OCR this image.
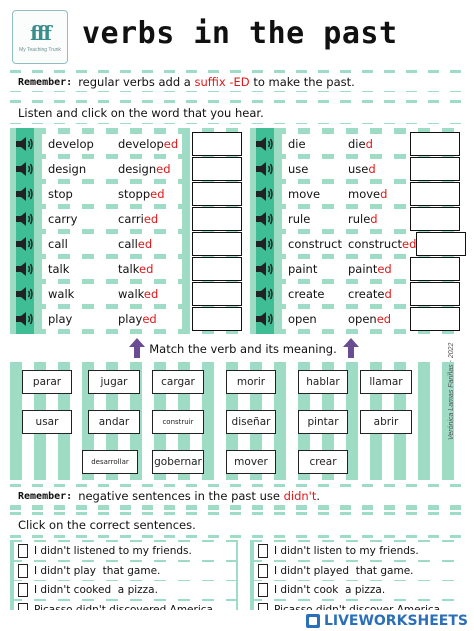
fff
My Teaching Trunk verbs in the past
Remember: regular verbs add a
suffix -ED
to make the past.
Listen and click on the word that you hear.
develop	developed
design	designed
stop	stopped
carry	carried
call	called
talk	talked
walk	walked
play	played
die	died
use	used
move	moved
rule	ruled
construct constructed
paint	painted
create	created
open	opened
Match the verb and its meaning.
parar	jugar	cargar	morir	hablar	llamar
usar	andar	construir	diseñar	pintar	abrir
desarrollar	gobernar	mover	crear
Verónica Lamas Fariñas - 2022
Remember: negative sentences in the past use
didn't .
Click on the correct sentences.
I didn't listened to my friends.
I didn't play  that game.
I didn't cooked  a pizza.
I didn't listen to my friends.
I didn't played  that game.
I didn't cook  a pizza.
LIVEWORKSHEETS
